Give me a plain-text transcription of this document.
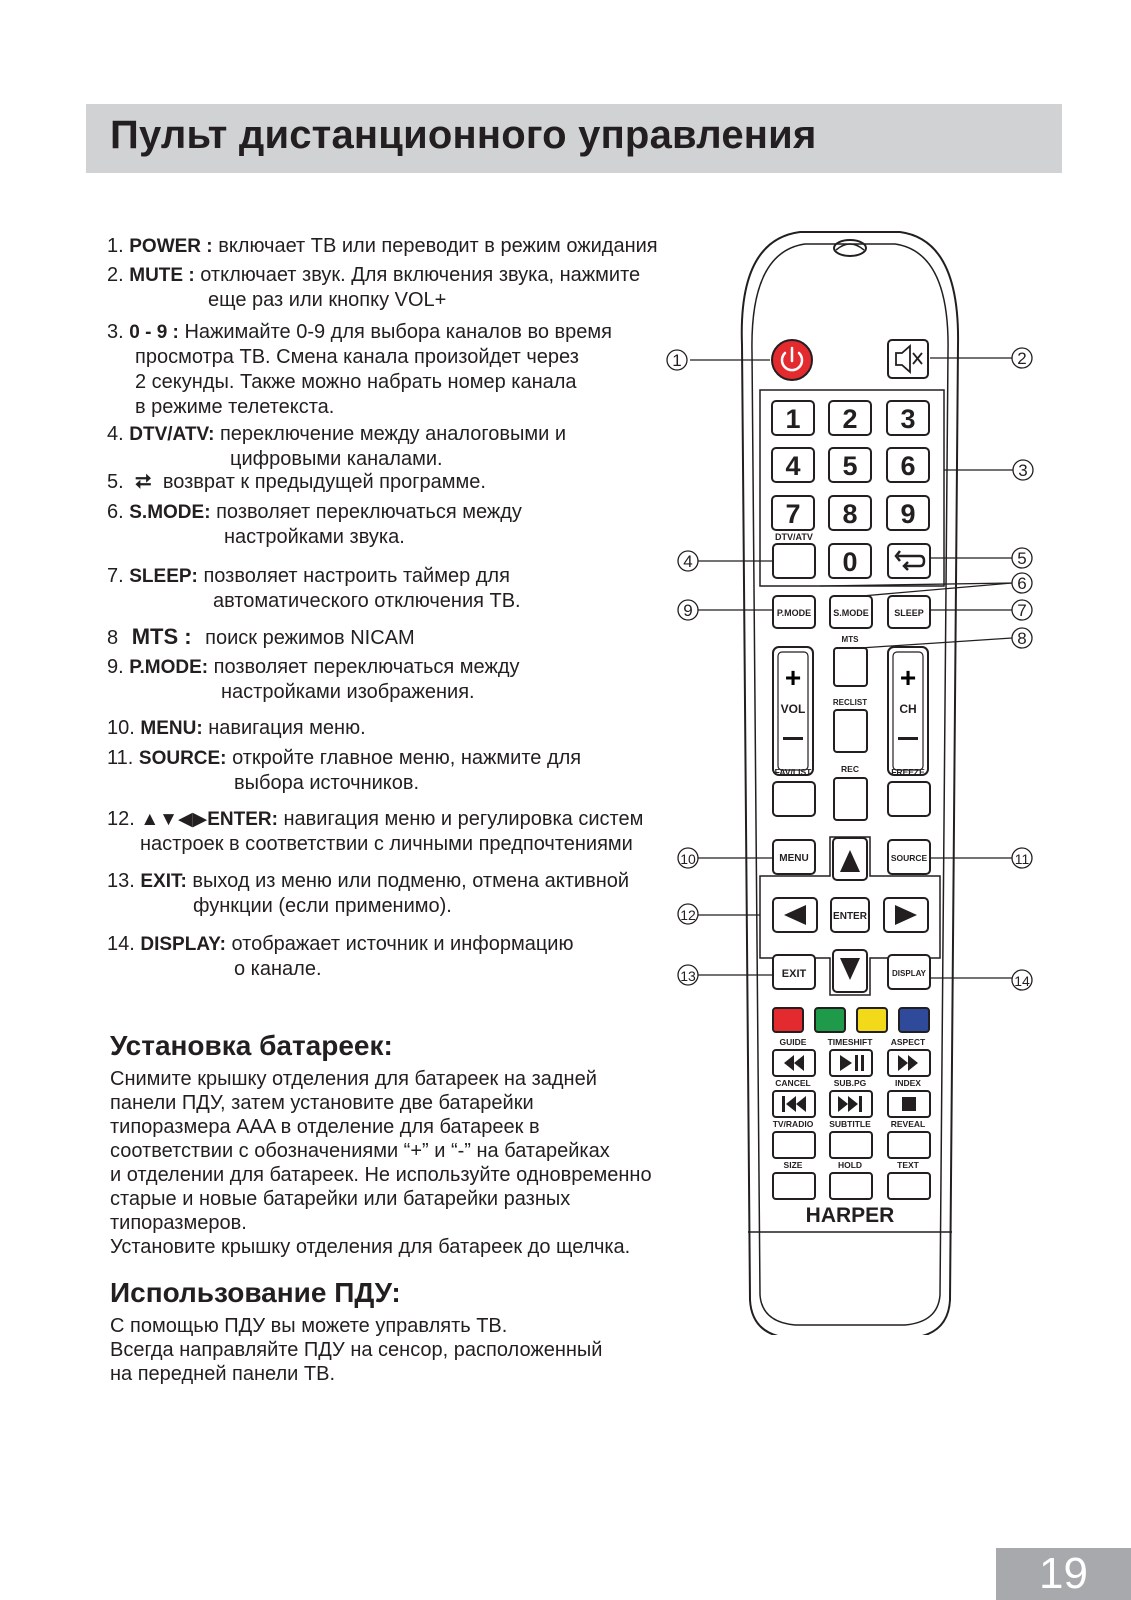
Пульт дистанционного управления
1. POWER : включает ТВ или переводит в режим ожидания
2. MUTE : отключает звук. Для включения звука, нажмите
еще раз или кнопку VOL+
3. 0 - 9 : Нажимайте 0-9 для выбора каналов во время
просмотра ТВ. Смена канала произойдет через
2 секунды. Также можно набрать номер канала
в режиме телетекста.
4. DTV/ATV: переключение между аналоговыми и
цифровыми каналами.
5. ⮂ возврат к предыдущей программе.
6. S.MODE: позволяет переключаться между
настройками звука.
7. SLEEP: позволяет настроить таймер для
автоматического отключения ТВ.
8 MTS : поиск режимов NICAM
9. P.MODE: позволяет переключаться между
настройками изображения.
10. MENU: навигация меню.
11. SOURCE: откройте главное меню, нажмите для
выбора источников.
12. ▲▼◀▶ENTER: навигация меню и регулировка систем
настроек в соответствии с личными предпочтениями
13. EXIT: выход из меню или подменю, отмена активной
функции (если применимо).
14. DISPLAY: отображает источник и информацию
о канале.
Установка батареек:
Снимите крышку отделения для батареек на задней
панели ПДУ, затем установите две батарейки
типоразмера AAA в отделение для батареек в
соответствии с обозначениями “+” и “-” на батарейках
и отделении для батареек. Не используйте одновременно
старые и новые батарейки или батарейки разных
типоразмеров.
Установите крышку отделения для батареек до щелчка.
Использование ПДУ:
С помощью ПДУ вы можете управлять ТВ.
Всегда направляйте ПДУ на сенсор, расположенный
на передней панели ТВ.
1 2 3
4 5 6
7 8 9
0
DTV/ATV
P.MODE S.MODE	SLEEP
+
VOL
+
CH
MTS
RECLIST
FAV/LIST	REC	FREEZE
MENU	SOURCE
ENTER
EXIT	DISPLAY
GUIDE TIMESHIFT ASPECT
CANCEL	SUB.PG	INDEX
TV/RADIO SUBTITLE REVEAL
SIZE	HOLD	TEXT
HARPER
1	2
3
4	5
6
7
8
9
10	11
12
13	14
19
